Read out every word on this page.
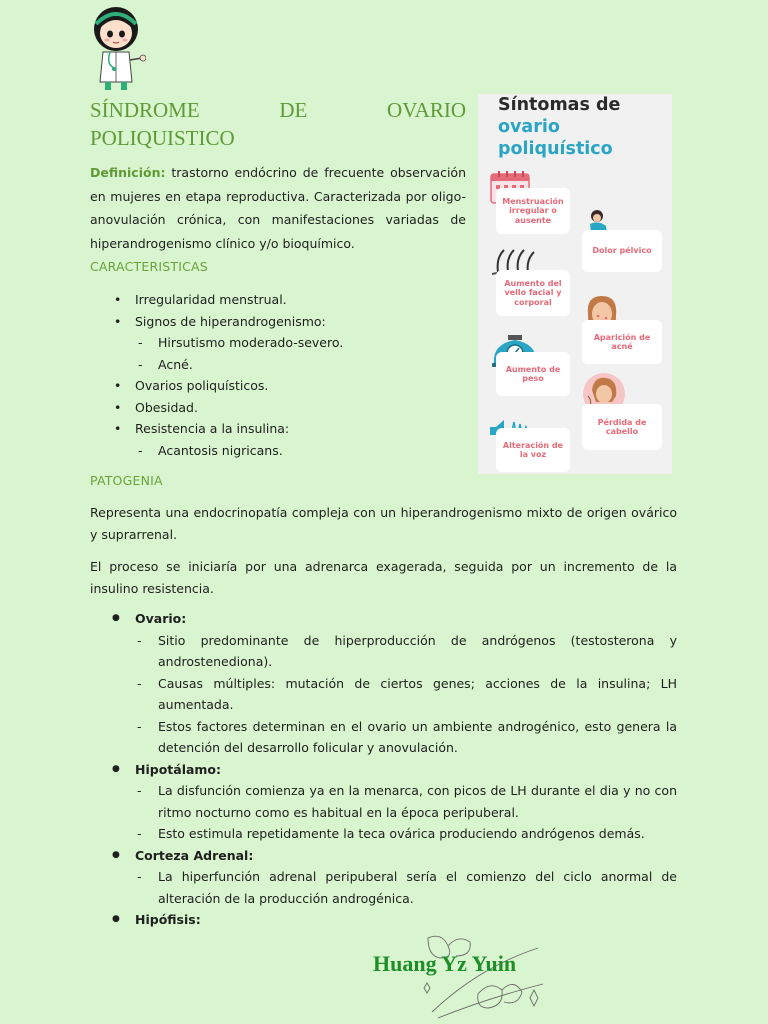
SÍNDROME DE OVARIO
POLIQUISTICO

Definición: trastorno endócrino de frecuente observación en mujeres en etapa reproductiva. Caracterizada por oligo-anovulación crónica, con manifestaciones variadas de hiperandrogenismo clínico y/o bioquímico.

CARACTERISTICAS
• Irregularidad menstrual.
• Signos de hiperandrogenismo:
- Hirsutismo moderado-severo.
- Acné.
• Ovarios poliquísticos.
• Obesidad.
• Resistencia a la insulina:
- Acantosis nigricans.
Síntomas de
ovario
poliquístico
Menstruación irregular o ausente
Dolor pélvico
Aumento del vello facial y corporal
Aparición de acné
Aumento de peso
Pérdida de cabello
Alteración de la voz
PATOGENIA

Representa una endocrinopatía compleja con un hiperandrogenismo mixto de origen ovárico y suprarrenal.

El proceso se iniciaría por una adrenarca exagerada, seguida por un incremento de la insulino resistencia.

● Ovario:
- Sitio predominante de hiperproducción de andrógenos (testosterona y androstenediona).
- Causas múltiples: mutación de ciertos genes; acciones de la insulina; LH aumentada.
- Estos factores determinan en el ovario un ambiente androgénico, esto genera la detención del desarrollo folicular y anovulación.
● Hipotálamo:
- La disfunción comienza ya en la menarca, con picos de LH durante el dia y no con ritmo nocturno como es habitual en la época peripuberal.
- Esto estimula repetidamente la teca ovárica produciendo andrógenos demás.
● Corteza Adrenal:
- La hiperfunción adrenal peripuberal sería el comienzo del ciclo anormal de alteración de la producción androgénica.
● Hipófisis:
Huang Yz Yuin
